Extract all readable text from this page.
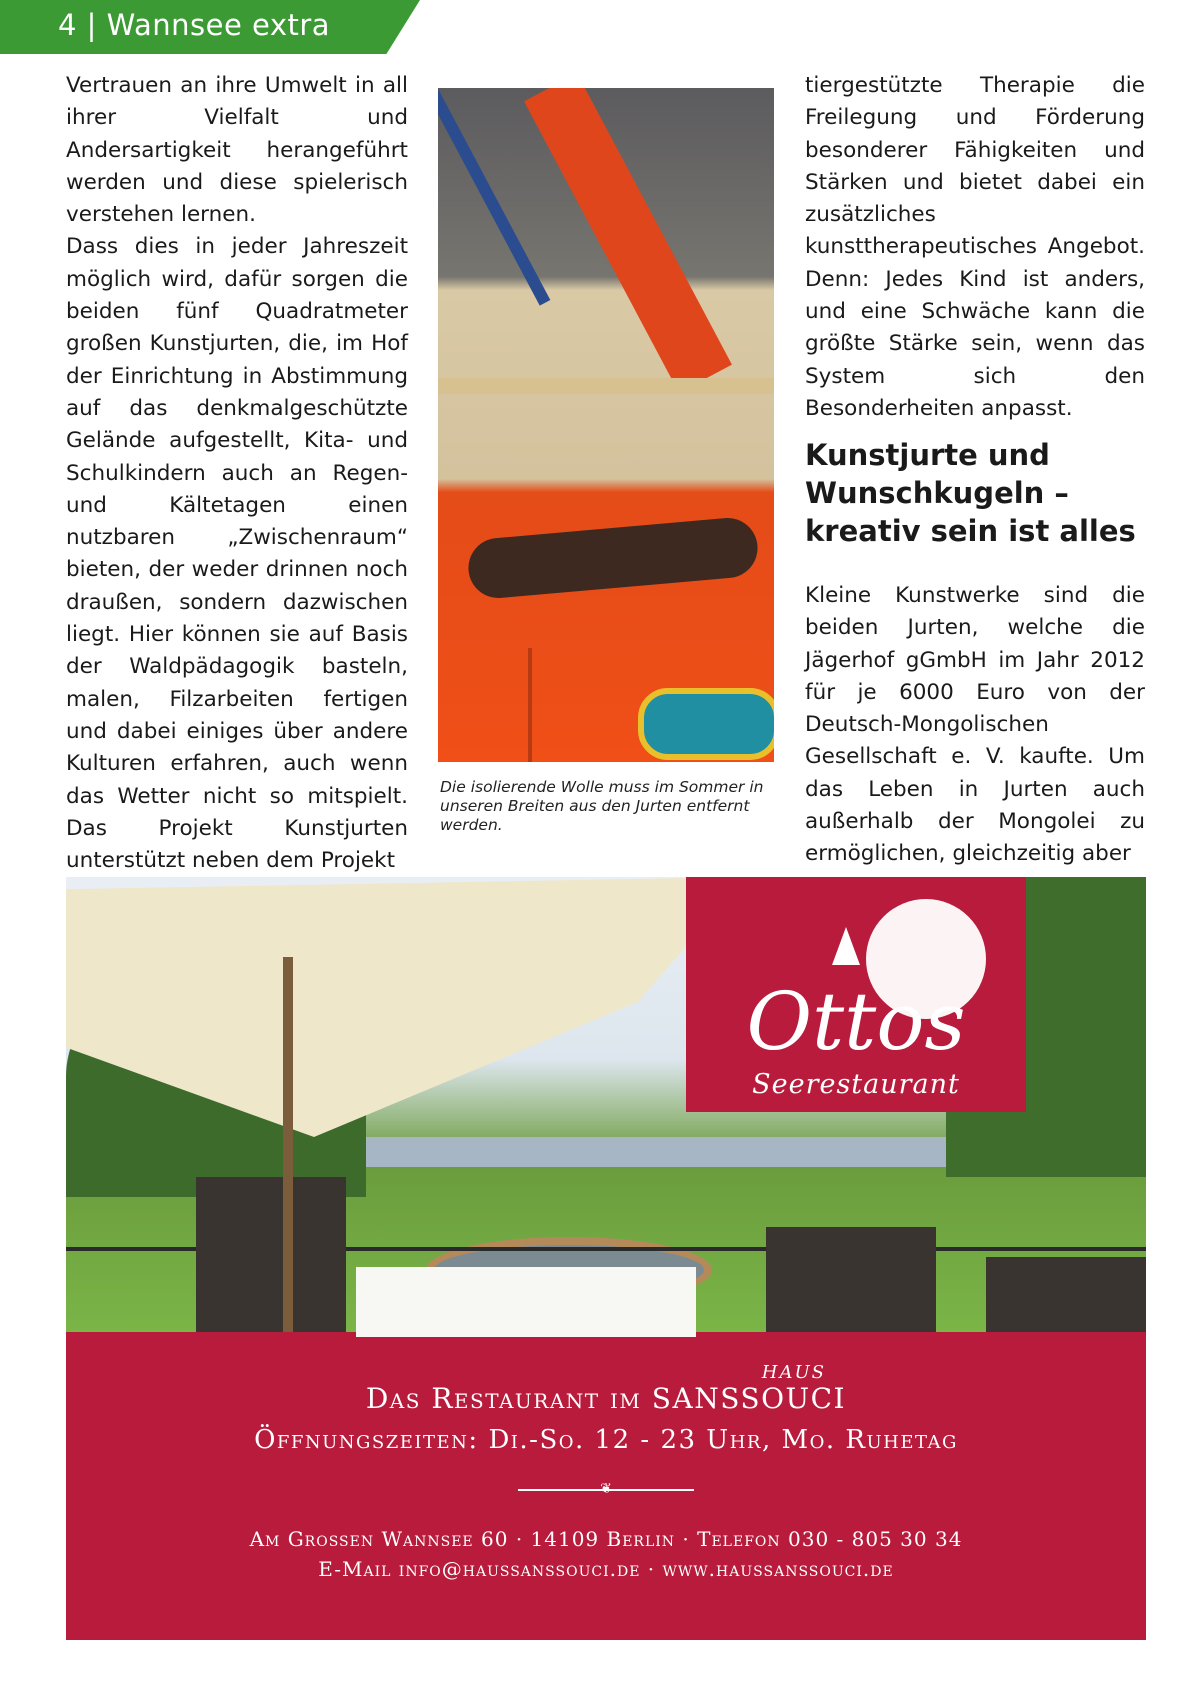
4 | Wannsee extra

Vertrauen an ihre Umwelt in all ihrer Vielfalt und Andersartigkeit herangeführt werden und diese spielerisch verstehen lernen.

Dass dies in jeder Jahreszeit möglich wird, dafür sorgen die beiden fünf Quadratmeter großen Kunstjurten, die, im Hof der Einrichtung in Abstimmung auf das denkmalgeschützte Gelände aufgestellt, Kita- und Schulkindern auch an Regen- und Kältetagen einen nutzbaren „Zwischenraum“ bieten, der weder drinnen noch draußen, sondern dazwischen liegt. Hier können sie auf Basis der Waldpädagogik basteln, malen, Filzarbeiten fertigen und dabei einiges über andere Kulturen erfahren, auch wenn das Wetter nicht so mitspielt. Das Projekt Kunstjurten unterstützt neben dem Projekt

Die isolierende Wolle muss im Sommer in unseren Breiten aus den Jurten entfernt werden.

tiergestützte Therapie die Freilegung und Förderung besonderer Fähigkeiten und Stärken und bietet dabei ein zusätzliches kunsttherapeutisches Angebot. Denn: Jedes Kind ist anders, und eine Schwäche kann die größte Stärke sein, wenn das System sich den Besonderheiten anpasst.

Kunstjurte und Wunschkugeln – kreativ sein ist alles

Kleine Kunstwerke sind die beiden Jurten, welche die Jägerhof gGmbH im Jahr 2012 für je 6000 Euro von der Deutsch-Mongolischen Gesellschaft e. V. kaufte. Um das Leben in Jurten auch außerhalb der Mongolei zu ermöglichen, gleichzeitig aber

Ottos
Seerestaurant
HAUS
Das Restaurant im SANSSOUCI
Öffnungszeiten: Di.-So. 12 - 23 Uhr, Mo. Ruhetag
❦
Am Grossen Wannsee 60 · 14109 Berlin · Telefon 030 - 805 30 34
E-Mail info@haussanssouci.de · www.haussanssouci.de
